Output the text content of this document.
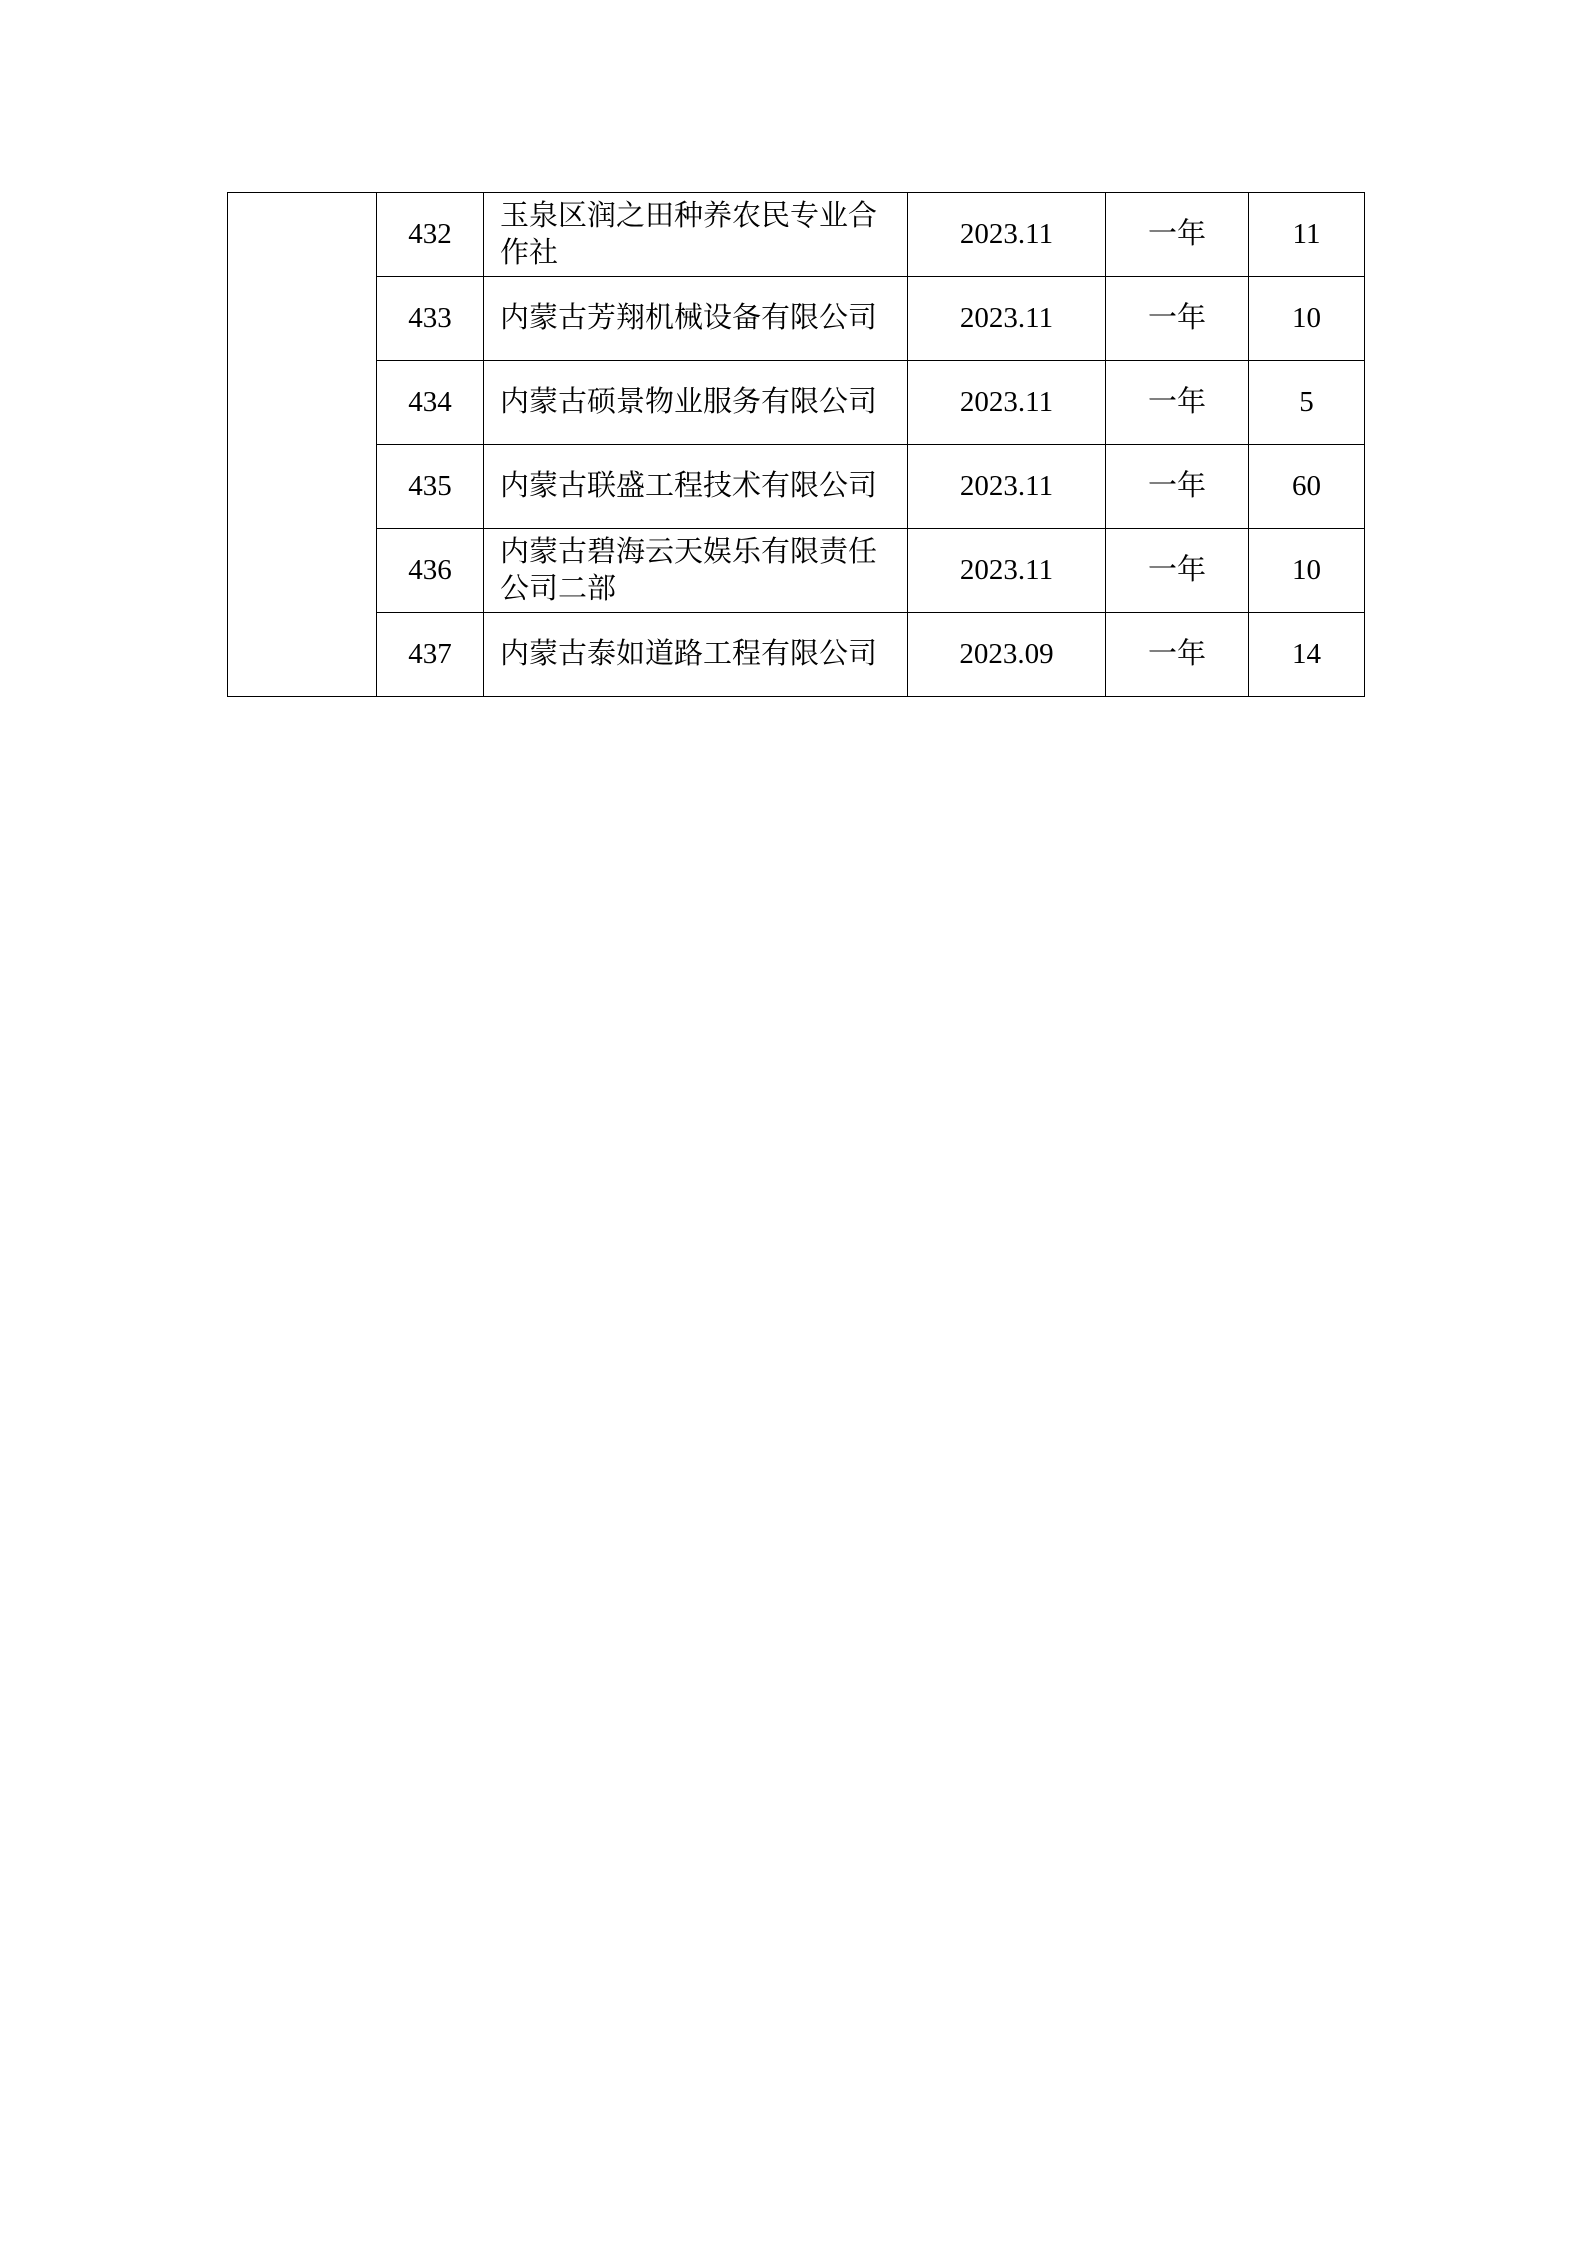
	432	玉泉区润之田种养农民专业合作社	2023.11	一年	11
	433	内蒙古芳翔机械设备有限公司	2023.11	一年	10
	434	内蒙古硕景物业服务有限公司	2023.11	一年	5
	435	内蒙古联盛工程技术有限公司	2023.11	一年	60
	436	内蒙古碧海云天娱乐有限责任公司二部	2023.11	一年	10
	437	内蒙古泰如道路工程有限公司	2023.09	一年	14
